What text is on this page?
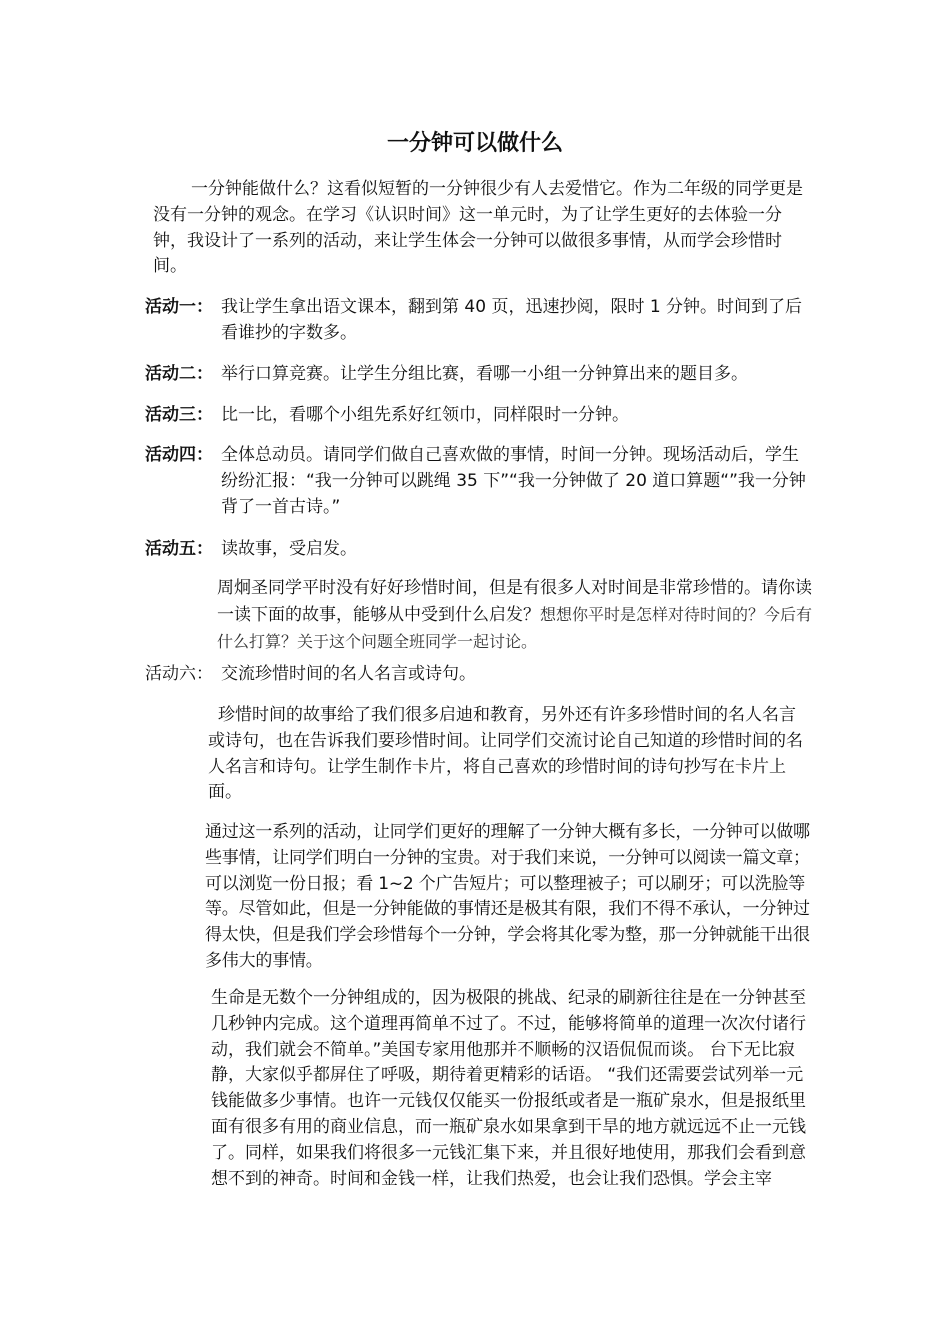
一分钟可以做什么

一分钟能做什么？这看似短暂的一分钟很少有人去爱惜它。作为二年级的同学更是没有一分钟的观念。在学习《认识时间》这一单元时，为了让学生更好的去体验一分钟，我设计了一系列的活动，来让学生体会一分钟可以做很多事情，从而学会珍惜时间。

活动一： 我让学生拿出语文课本，翻到第 40 页，迅速抄阅，限时 1 分钟。时间到了后看谁抄的字数多。
活动二： 举行口算竞赛。让学生分组比赛，看哪一小组一分钟算出来的题目多。
活动三： 比一比，看哪个小组先系好红领巾，同样限时一分钟。
活动四： 全体总动员。请同学们做自己喜欢做的事情，时间一分钟。现场活动后，学生纷纷汇报：“我一分钟可以跳绳 35 下”“我一分钟做了 20 道口算题“”我一分钟背了一首古诗。”
活动五： 读故事，受启发。

周炯圣同学平时没有好好珍惜时间，但是有很多人对时间是非常珍惜的。请你读一读下面的故事，能够从中受到什么启发？想想你平时是怎样对待时间的？今后有什么打算？关于这个问题全班同学一起讨论。

活动六： 交流珍惜时间的名人名言或诗句。

珍惜时间的故事给了我们很多启迪和教育，另外还有许多珍惜时间的名人名言或诗句，也在告诉我们要珍惜时间。让同学们交流讨论自己知道的珍惜时间的名人名言和诗句。让学生制作卡片，将自己喜欢的珍惜时间的诗句抄写在卡片上面。

通过这一系列的活动，让同学们更好的理解了一分钟大概有多长，一分钟可以做哪些事情，让同学们明白一分钟的宝贵。对于我们来说，一分钟可以阅读一篇文章；可以浏览一份日报；看 1~2 个广告短片；可以整理被子；可以刷牙；可以洗脸等等。尽管如此，但是一分钟能做的事情还是极其有限，我们不得不承认，一分钟过得太快，但是我们学会珍惜每个一分钟，学会将其化零为整，那一分钟就能干出很多伟大的事情。

生命是无数个一分钟组成的，因为极限的挑战、纪录的刷新往往是在一分钟甚至几秒钟内完成。这个道理再简单不过了。不过，能够将简单的道理一次次付诸行动，我们就会不简单。”美国专家用他那并不顺畅的汉语侃侃而谈。 台下无比寂静，大家似乎都屏住了呼吸，期待着更精彩的话语。 “我们还需要尝试列举一元钱能做多少事情。也许一元钱仅仅能买一份报纸或者是一瓶矿泉水，但是报纸里面有很多有用的商业信息，而一瓶矿泉水如果拿到干旱的地方就远远不止一元钱了。同样，如果我们将很多一元钱汇集下来，并且很好地使用，那我们会看到意想不到的神奇。时间和金钱一样，让我们热爱，也会让我们恐惧。学会主宰
